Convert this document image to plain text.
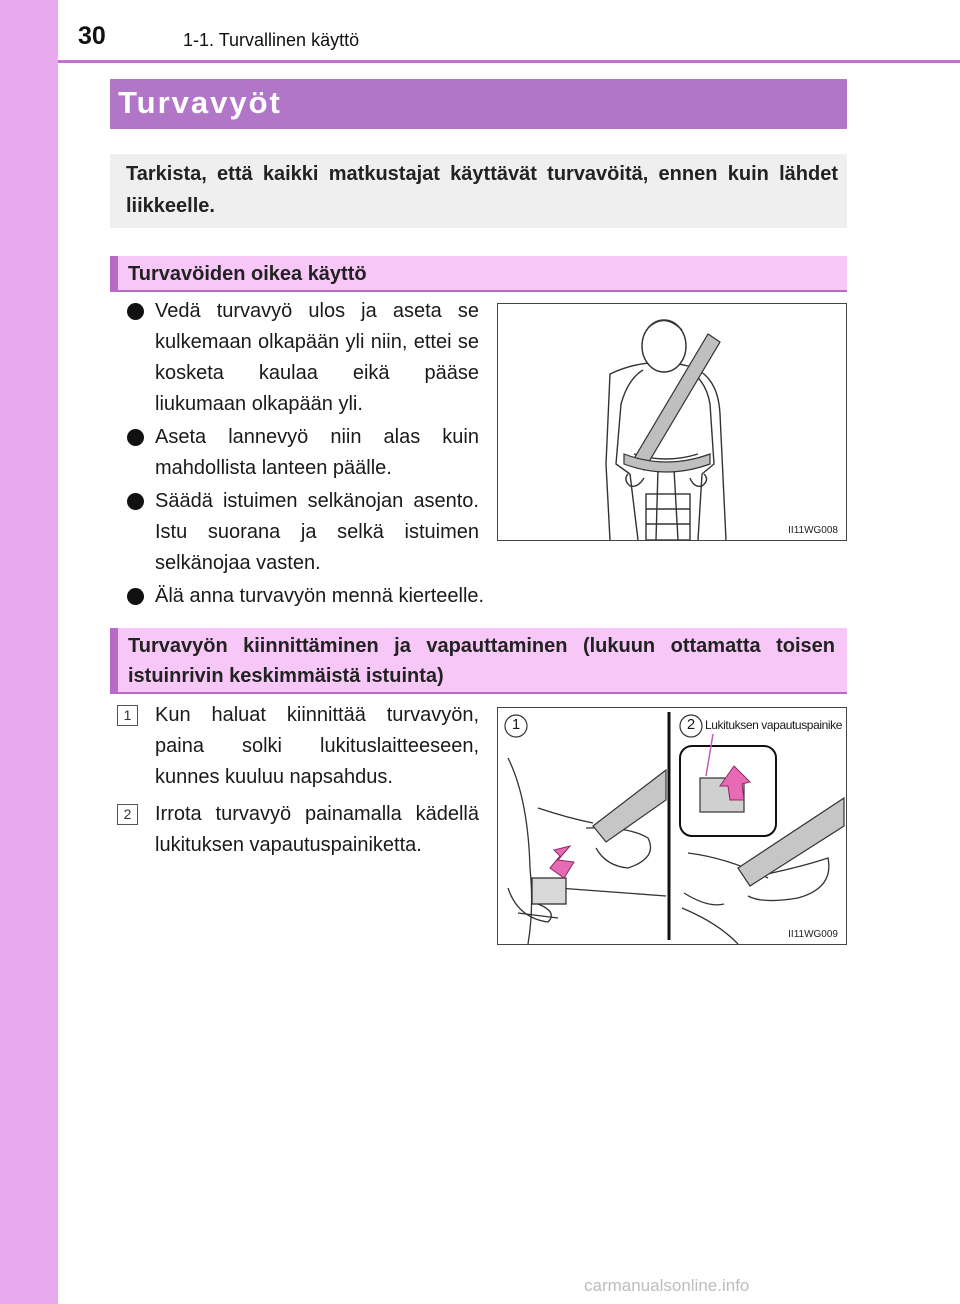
30	1-1. Turvallinen käyttö
Turvavyöt

Tarkista, että kaikki matkustajat käyttävät turvavöitä, ennen kuin lähdet liikkeelle.

Turvavöiden oikea käyttö

Vedä turvavyö ulos ja aseta se kulkemaan olkapään yli niin, ettei se kosketa kaulaa eikä pääse liukumaan olkapään yli.
Aseta lannevyö niin alas kuin mahdollista lanteen päälle.
Säädä istuimen selkänojan asento. Istu suorana ja selkä istuimen selkänojaa vasten.
Älä anna turvavyön mennä kierteelle.
II11WG008

Turvavyön kiinnittäminen ja vapauttaminen (lukuun ottamatta toisen istuinrivin keskimmäistä istuinta)

1	Kun haluat kiinnittää turvavyön, paina solki lukituslaitteeseen, kunnes kuuluu napsahdus.
2	Irrota turvavyö painamalla kädellä lukituksen vapautuspainiketta.
1	2 Lukituksen vapautuspainike
II11WG009
carmanualsonline.info
